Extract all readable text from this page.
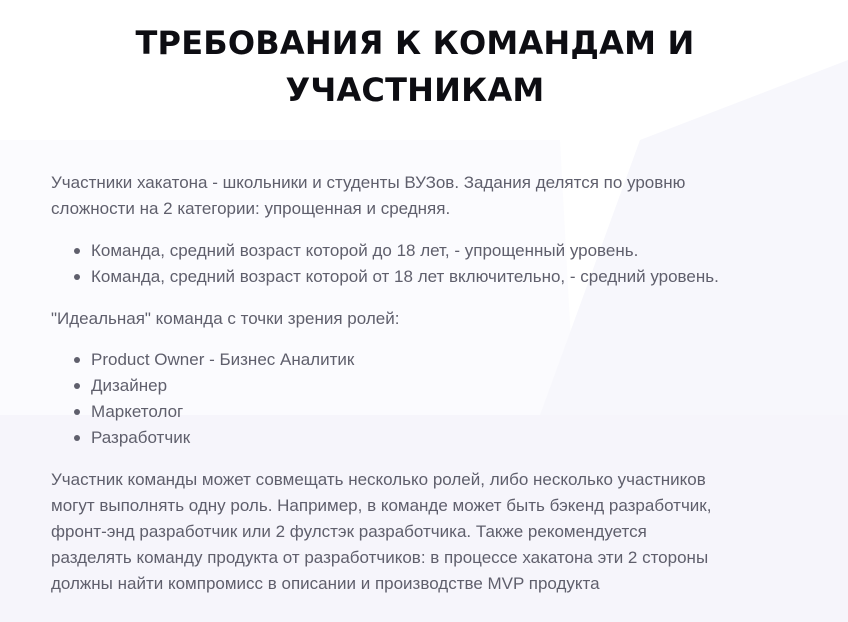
ТРЕБОВАНИЯ К КОМАНДАМ И
УЧАСТНИКАМ
Участники хакатона - школьники и студенты ВУЗов. Задания делятся по уровню
сложности на 2 категории: упрощенная и средняя.
Команда, средний возраст которой до 18 лет, - упрощенный уровень.
Команда, средний возраст которой от 18 лет включительно, - средний уровень.
"Идеальная" команда с точки зрения ролей:
Product Owner - Бизнес Аналитик
Дизайнер
Маркетолог
Разработчик
Участник команды может совмещать несколько ролей, либо несколько участников
могут выполнять одну роль. Например, в команде может быть бэкенд разработчик,
фронт-энд разработчик или 2 фулстэк разработчика. Также рекомендуется
разделять команду продукта от разработчиков: в процессе хакатона эти 2 стороны
должны найти компромисс в описании и производстве MVP продукта
